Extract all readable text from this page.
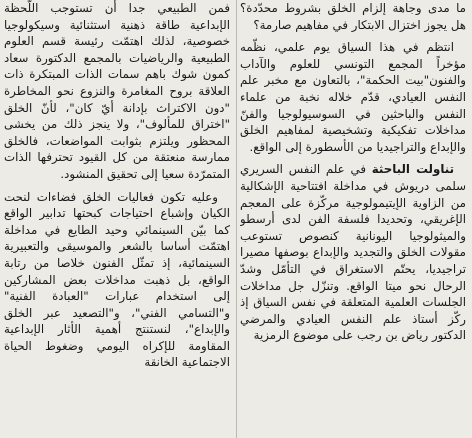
ما مدى وجاهة إلزام الخلق بشروط محدّدة؟ هل يجوز اختزال الابتكار في مفاهيم صارمة؟

انتظم في هذا السياق يوم علمي، نظّمه مؤخراً المجمع التونسي للعلوم والآداب والفنون"بيت الحكمة"، بالتعاون مع مخبر علم النفس العيادي، قدّم خلاله نخبة من علماء النفس والباحثين في السوسيولوجيا والفنّ مداخلات تفكيكية وتشخيصية لمفاهيم الخلق والإبداع والتراجيديا من الأسطورة إلى الواقع.

تناولت الباحثة في علم النفس السريري سلمى دريوش في مداخلة افتتاحية الإشكالية من الزاوية الإيتيمولوجية مركّزة على المعجم الإغريقي، وتحديدا فلسفة الفن لدى أرسطو والميثولوجيا اليونانية كنصوص تستوعب مقولات الخلق والتجديد والإبداع بوصفها مصيرا تراجيديا، يحتّم الاستغراق في التأمّل وشدّ الرحال نحو ميتا الواقع. وتنزّل جل مداخلات الجلسات العلمية المتعلقة في نفس السياق إذ ركّز أستاذ علم النفس العيادي والمرضي الدكتور رياض بن رجب على موضوع الرمزية

فمن الطبيعي جدا أن تستوجب اللّحظة الإبداعية طاقة ذهنية استثنائية وسيكولوجيا خصوصية، لذلك اهتمّت رئيسة قسم العلوم الطبيعية والرياضيات بالمجمع الدكتورة سعاد كمون شوك باهم سمات الذات المبتكرة ذات العلاقة بروح المغامرة والنزوع نحو المخاطرة "دون الاكتراث بإدانة أيّ كان"، لأنّ الخلق "اختراق للمألوف"، ولا ينجز ذلك من يخشى المحظور ويلتزم بثوابت المواضعات، فالخلق ممارسة منعتقة من كل القيود تحترفها الذات المتمرّدة سعيا إلى تحقيق المنشود.

وعليه تكون فعاليات الخلق فضاءات لنحت الكيان وإشباع احتياجات كبحتها تدابير الواقع كما بيّن السينمائي وحيد الطايع في مداخلة اهتمّت أساسا بالشعر والموسيقى والتعبيرية السينمائية، إذ تمثّل الفنون خلاصا من رتابة الواقع، بل ذهبت مداخلات بعض المشاركين إلى استخدام عبارات "العبادة الفنية" و"التسامي الفني"، و"التصعيد عبر الخلق والإبداع"، لنستنتج أهمية الأثار الإبداعية المقاومة للإكراه اليومي وضغوط الحياة الاجتماعية الخانقة
